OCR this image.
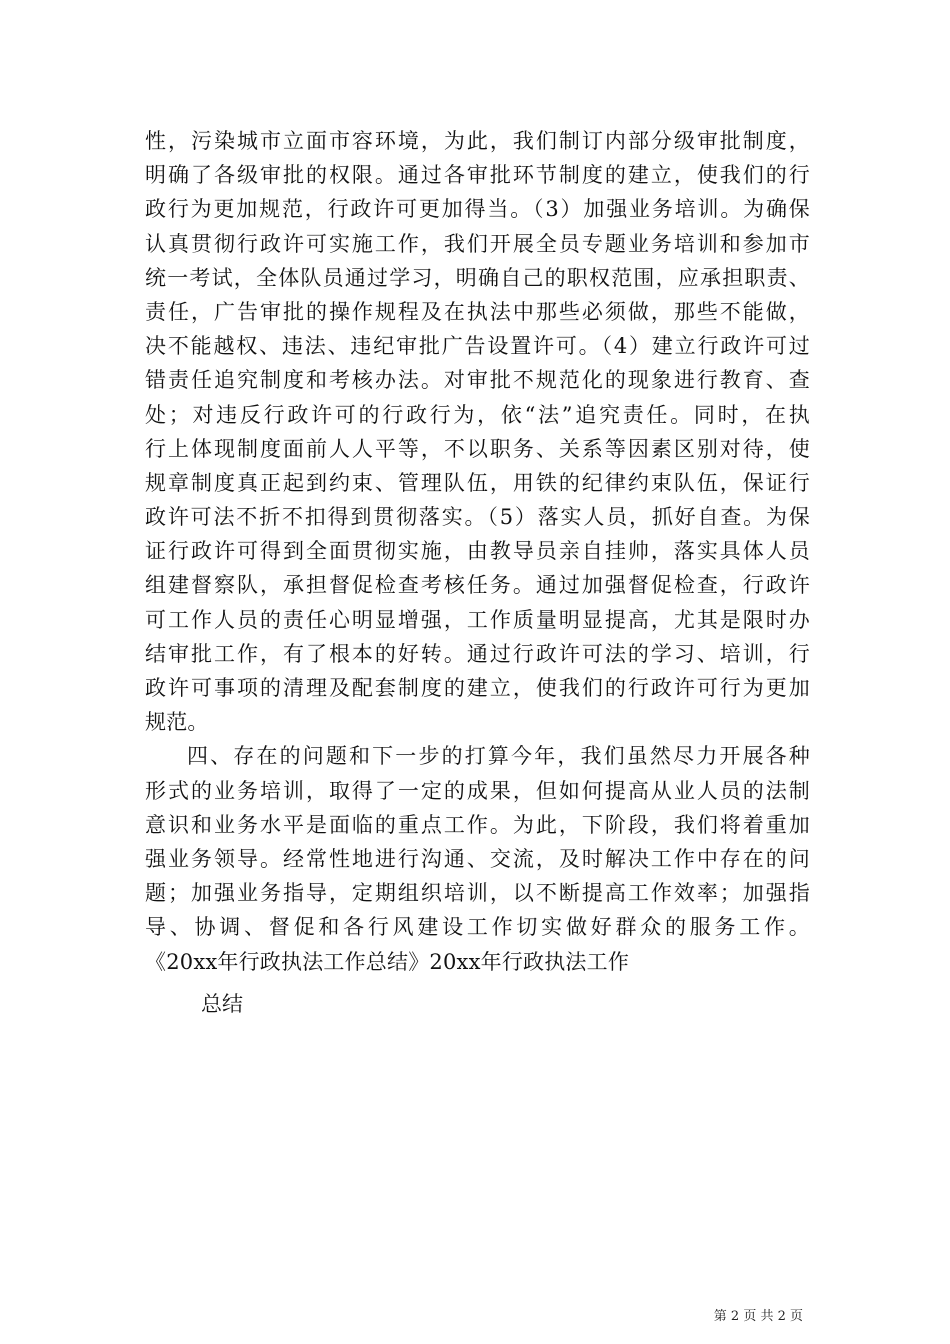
性，污染城市立面市容环境，为此，我们制订内部分级审批制度，
明确了各级审批的权限。通过各审批环节制度的建立，使我们的行
政行为更加规范，行政许可更加得当。（3）加强业务培训。为确保
认真贯彻行政许可实施工作，我们开展全员专题业务培训和参加市
统一考试，全体队员通过学习，明确自己的职权范围，应承担职责、
责任，广告审批的操作规程及在执法中那些必须做，那些不能做，
决不能越权、违法、违纪审批广告设置许可。（4）建立行政许可过
错责任追究制度和考核办法。对审批不规范化的现象进行教育、查
处；对违反行政许可的行政行为，依“法”追究责任。同时，在执
行上体现制度面前人人平等，不以职务、关系等因素区别对待，使
规章制度真正起到约束、管理队伍，用铁的纪律约束队伍，保证行
政许可法不折不扣得到贯彻落实。（5）落实人员，抓好自查。为保
证行政许可得到全面贯彻实施，由教导员亲自挂帅，落实具体人员
组建督察队，承担督促检查考核任务。通过加强督促检查，行政许
可工作人员的责任心明显增强，工作质量明显提高，尤其是限时办
结审批工作，有了根本的好转。通过行政许可法的学习、培训，行
政许可事项的清理及配套制度的建立，使我们的行政许可行为更加
规范。
四、存在的问题和下一步的打算今年，我们虽然尽力开展各种
形式的业务培训，取得了一定的成果，但如何提高从业人员的法制
意识和业务水平是面临的重点工作。为此，下阶段，我们将着重加
强业务领导。经常性地进行沟通、交流，及时解决工作中存在的问
题；加强业务指导，定期组织培训，以不断提高工作效率；加强指
导、协调、督促和各行风建设工作切实做好群众的服务工作。
《20xx年行政执法工作总结》20xx年行政执法工作
总结
第 2 页 共 2 页
